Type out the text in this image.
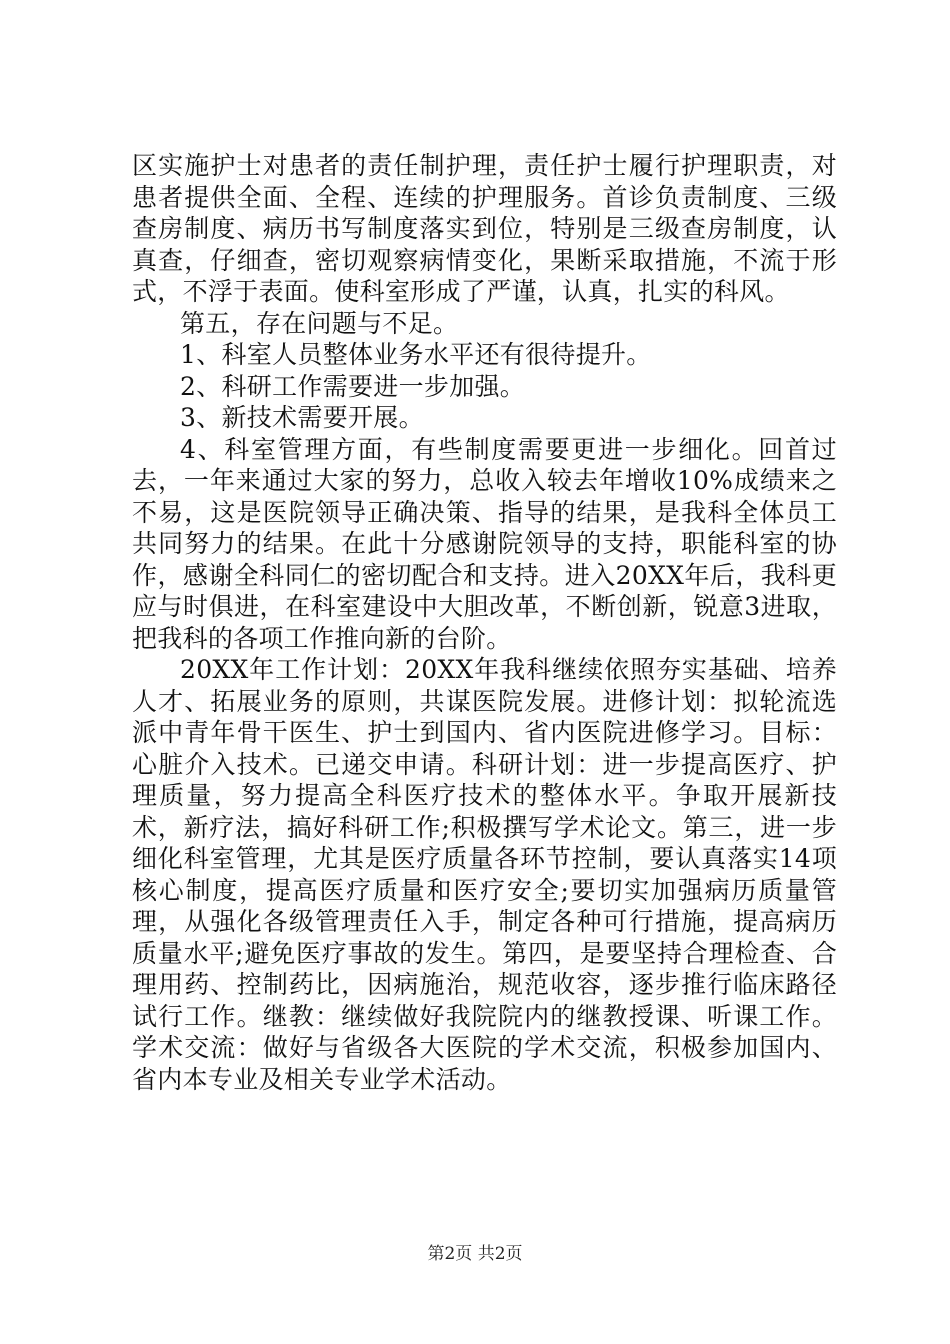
区实施护士对患者的责任制护理，责任护士履行护理职责，对患者提供全面、全程、连续的护理服务。首诊负责制度、三级查房制度、病历书写制度落实到位，特别是三级查房制度，认真查，仔细查，密切观察病情变化，果断采取措施，不流于形式，不浮于表面。使科室形成了严谨，认真，扎实的科风。

第五，存在问题与不足。

1、科室人员整体业务水平还有很待提升。

2、科研工作需要进一步加强。

3、新技术需要开展。

4、科室管理方面，有些制度需要更进一步细化。回首过去，一年来通过大家的努力，总收入较去年增收10%成绩来之不易，这是医院领导正确决策、指导的结果，是我科全体员工共同努力的结果。在此十分感谢院领导的支持，职能科室的协作，感谢全科同仁的密切配合和支持。进入20XX年后，我科更应与时俱进，在科室建设中大胆改革，不断创新，锐意3进取，把我科的各项工作推向新的台阶。

20XX年工作计划：20XX年我科继续依照夯实基础、培养人才、拓展业务的原则，共谋医院发展。进修计划：拟轮流选派中青年骨干医生、护士到国内、省内医院进修学习。目标：心脏介入技术。已递交申请。科研计划：进一步提高医疗、护理质量，努力提高全科医疗技术的整体水平。争取开展新技术，新疗法，搞好科研工作;积极撰写学术论文。第三，进一步细化科室管理，尤其是医疗质量各环节控制，要认真落实14项核心制度，提高医疗质量和医疗安全;要切实加强病历质量管理，从强化各级管理责任入手，制定各种可行措施，提高病历质量水平;避免医疗事故的发生。第四，是要坚持合理检查、合理用药、控制药比，因病施治，规范收容，逐步推行临床路径试行工作。继教：继续做好我院院内的继教授课、听课工作。学术交流：做好与省级各大医院的学术交流，积极参加国内、省内本专业及相关专业学术活动。

第2页 共2页
